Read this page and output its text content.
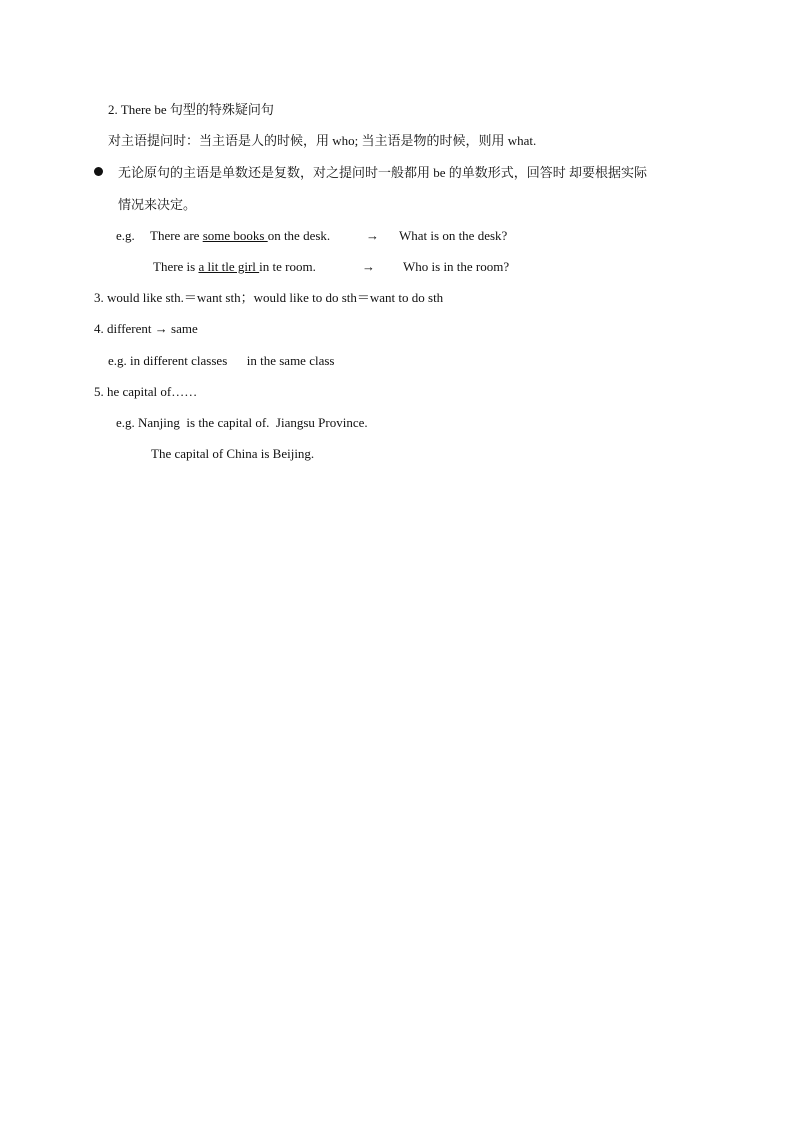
2. There be 句型的特殊疑问句
对主语提问时：当主语是人的时候，用 who; 当主语是物的时候，则用 what.
无论原句的主语是单数还是复数，对之提问时一般都用 be 的单数形式，回答时 却要根据实际
情况来决定。
e.g. There are some books on the desk.	→ What is on the desk?
There is a lit tle girl in te room.	→ Who is in the room?
3. would like sth.＝want sth；would like to do sth＝want to do sth
4. different → same
e.g. in different classes      in the same class
5. he capital of……
e.g. Nanjing  is the capital of.  Jiangsu Province.
The capital of China is Beijing.
